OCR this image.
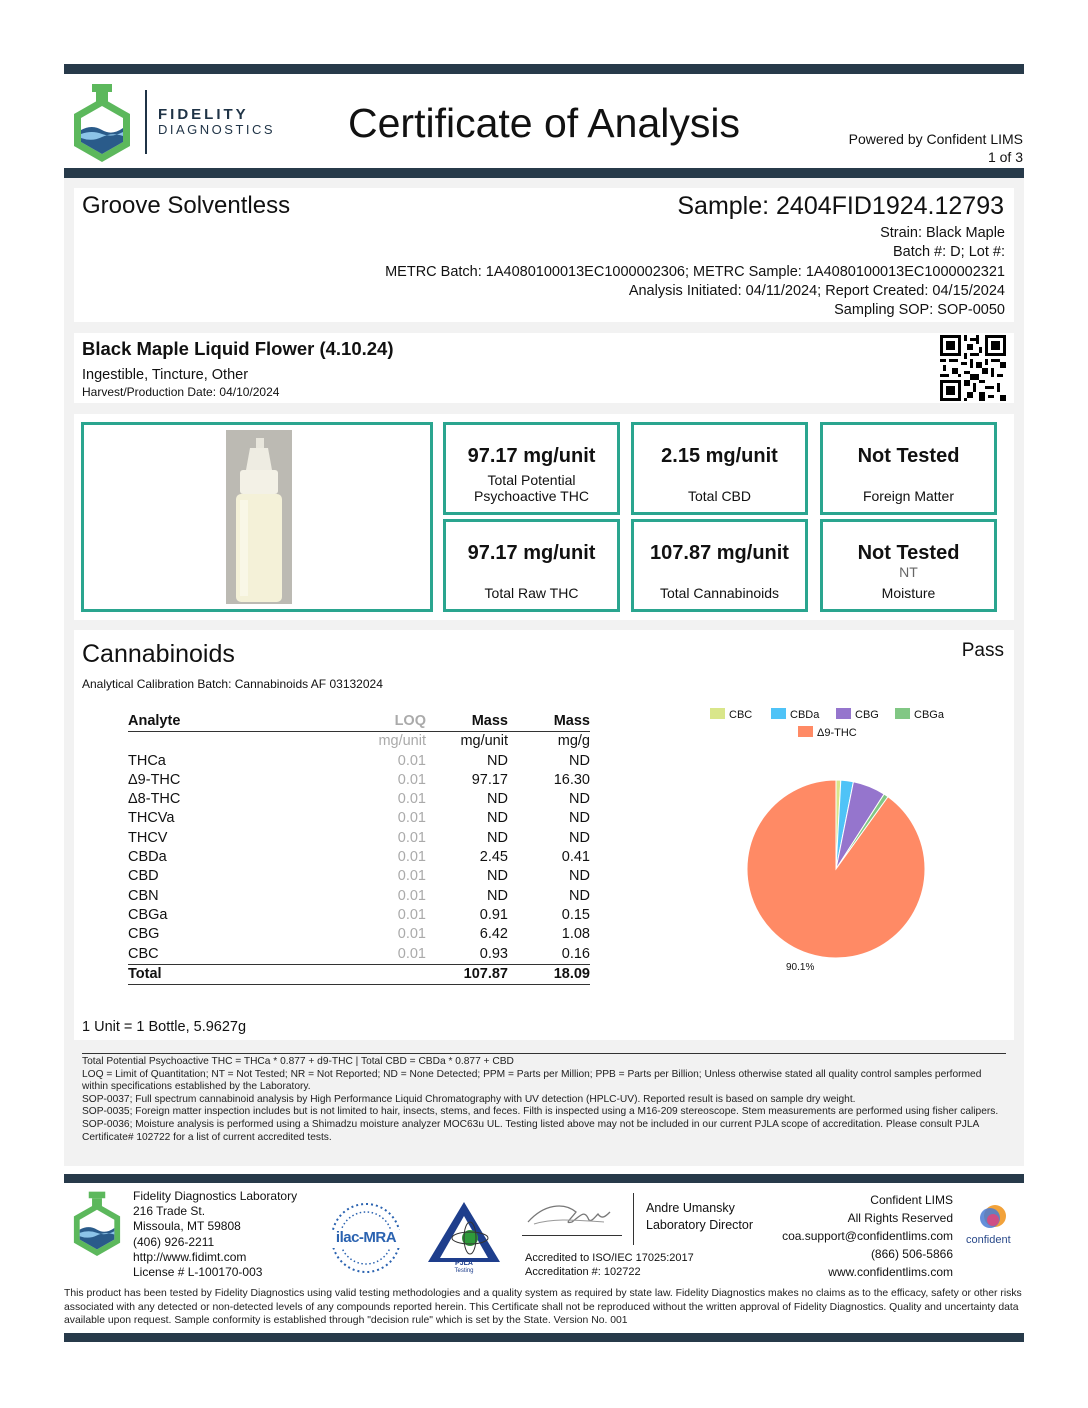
FIDELITY
DIAGNOSTICS	Certificate of Analysis	Powered by Confident LIMS
1 of 3
Groove Solventless	Sample: 2404FID1924.12793
Strain: Black Maple
Batch #: D; Lot #:
METRC Batch: 1A4080100013EC1000002306; METRC Sample: 1A4080100013EC1000002321
Analysis Initiated: 04/11/2024; Report Created: 04/15/2024
Sampling SOP: SOP-0050
Black Maple Liquid Flower (4.10.24)
Ingestible, Tincture, Other
Harvest/Production Date: 04/10/2024
97.17 mg/unit
Total Potential Psychoactive THC
2.15 mg/unit
Total CBD
Not Tested
Foreign Matter
97.17 mg/unit
Total Raw THC
107.87 mg/unit
Total Cannabinoids
Not Tested
NT
Moisture
Cannabinoids	Pass
Analytical Calibration Batch: Cannabinoids AF 03132024
1 Unit = 1 Bottle, 5.9627g
Analyte	LOQ	Mass	Mass
	mg/unit	mg/unit	mg/g
THCa	0.01	ND	ND
Δ9-THC	0.01	97.17	16.30
Δ8-THC	0.01	ND	ND
THCVa	0.01	ND	ND
THCV	0.01	ND	ND
CBDa	0.01	2.45	0.41
CBD	0.01	ND	ND
CBN	0.01	ND	ND
CBGa	0.01	0.91	0.15
CBG	0.01	6.42	1.08
CBC	0.01	0.93	0.16
Total		107.87	18.09
CBC	CBDa	CBG	CBGa
Δ9-THC
90.1%
Total Potential Psychoactive THC = THCa * 0.877 + d9-THC | Total CBD = CBDa * 0.877 + CBD
LOQ = Limit of Quantitation; NT = Not Tested; NR = Not Reported; ND = None Detected; PPM = Parts per Million; PPB = Parts per Billion; Unless otherwise stated all quality control samples performed within specifications established by the Laboratory.
SOP-0037; Full spectrum cannabinoid analysis by High Performance Liquid Chromatography with UV detection (HPLC-UV). Reported result is based on sample dry weight.
SOP-0035; Foreign matter inspection includes but is not limited to hair, insects, stems, and feces. Filth is inspected using a M16-209 stereoscope. Stem measurements are performed using fisher calipers.
SOP-0036; Moisture analysis is performed using a Shimadzu moisture analyzer MOC63u UL. Testing listed above may not be included in our current PJLA scope of accreditation. Please consult PJLA Certificate# 102722 for a list of current accredited tests.
Fidelity Diagnostics Laboratory
216 Trade St.
Missoula, MT 59808
(406) 926-2211
http://www.fidimt.com
License # L-100170-003
ilac-MRA
PJLA
Testing
Andre Umansky
Laboratory Director
Accredited to ISO/IEC 17025:2017
Accreditation #: 102722
Confident LIMS
All Rights Reserved
coa.support@confidentlims.com
(866) 506-5866
www.confidentlims.com
confident
This product has been tested by Fidelity Diagnostics using valid testing methodologies and a quality system as required by state law. Fidelity Diagnostics makes no claims as to the efficacy, safety or other risks associated with any detected or non-detected levels of any compounds reported herein. This Certificate shall not be reproduced without the written approval of Fidelity Diagnostics. Quality and uncertainty data available upon request. Sample conformity is established through "decision rule" which is set by the State. Version No. 001
